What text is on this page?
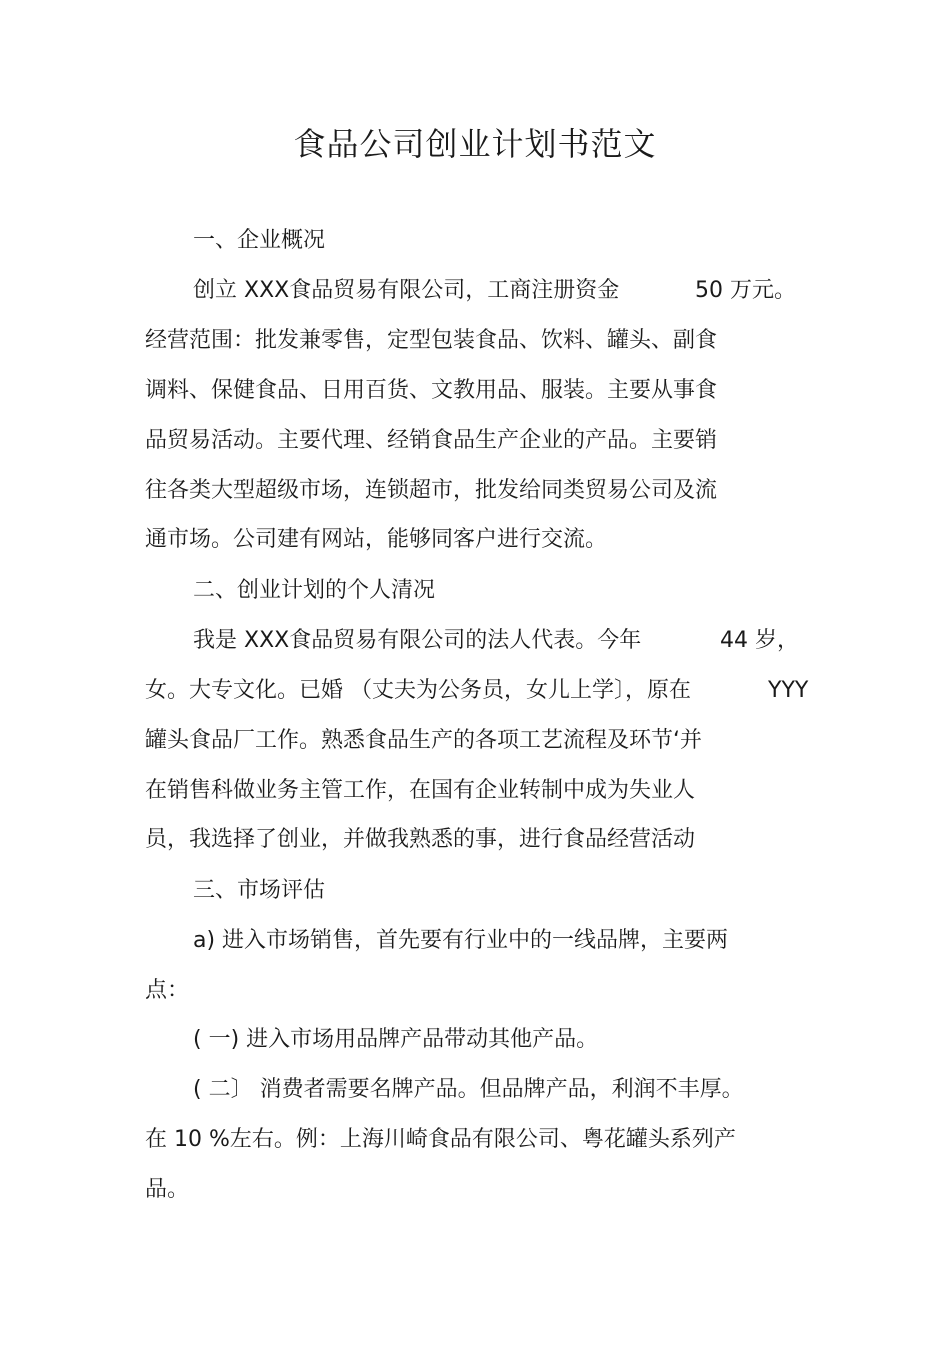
食品公司创业计划书范文
一、企业概况
创立 XXX食品贸易有限公司，工商注册资金	50 万元。
经营范围：批发兼零售，定型包装食品、饮料、罐头、副食
调料、保健食品、日用百货、文教用品、服装。主要从事食
品贸易活动。主要代理、经销食品生产企业的产品。主要销
往各类大型超级市场，连锁超市，批发给同类贸易公司及流
通市场。公司建有网站，能够同客户进行交流。
二、创业计划的个人清况
我是 XXX食品贸易有限公司的法人代表。今年	44 岁，
女。大专文化。已婚 （丈夫为公务员，女儿上学〕，原在	YYY
罐头食品厂工作。熟悉食品生产的各项工艺流程及环节‘并
在销售科做业务主管工作，在国有企业转制中成为失业人
员，我选择了创业，并做我熟悉的事，进行食品经营活动
三、市场评估
a) 进入市场销售，首先要有行业中的一线品牌，主要两
点：
( 一) 进入市场用品牌产品带动其他产品。
( 二〕 消费者需要名牌产品。但品牌产品，利润不丰厚。
在 10 %左右。例：上海川崎食品有限公司、粤花罐头系列产
品。
